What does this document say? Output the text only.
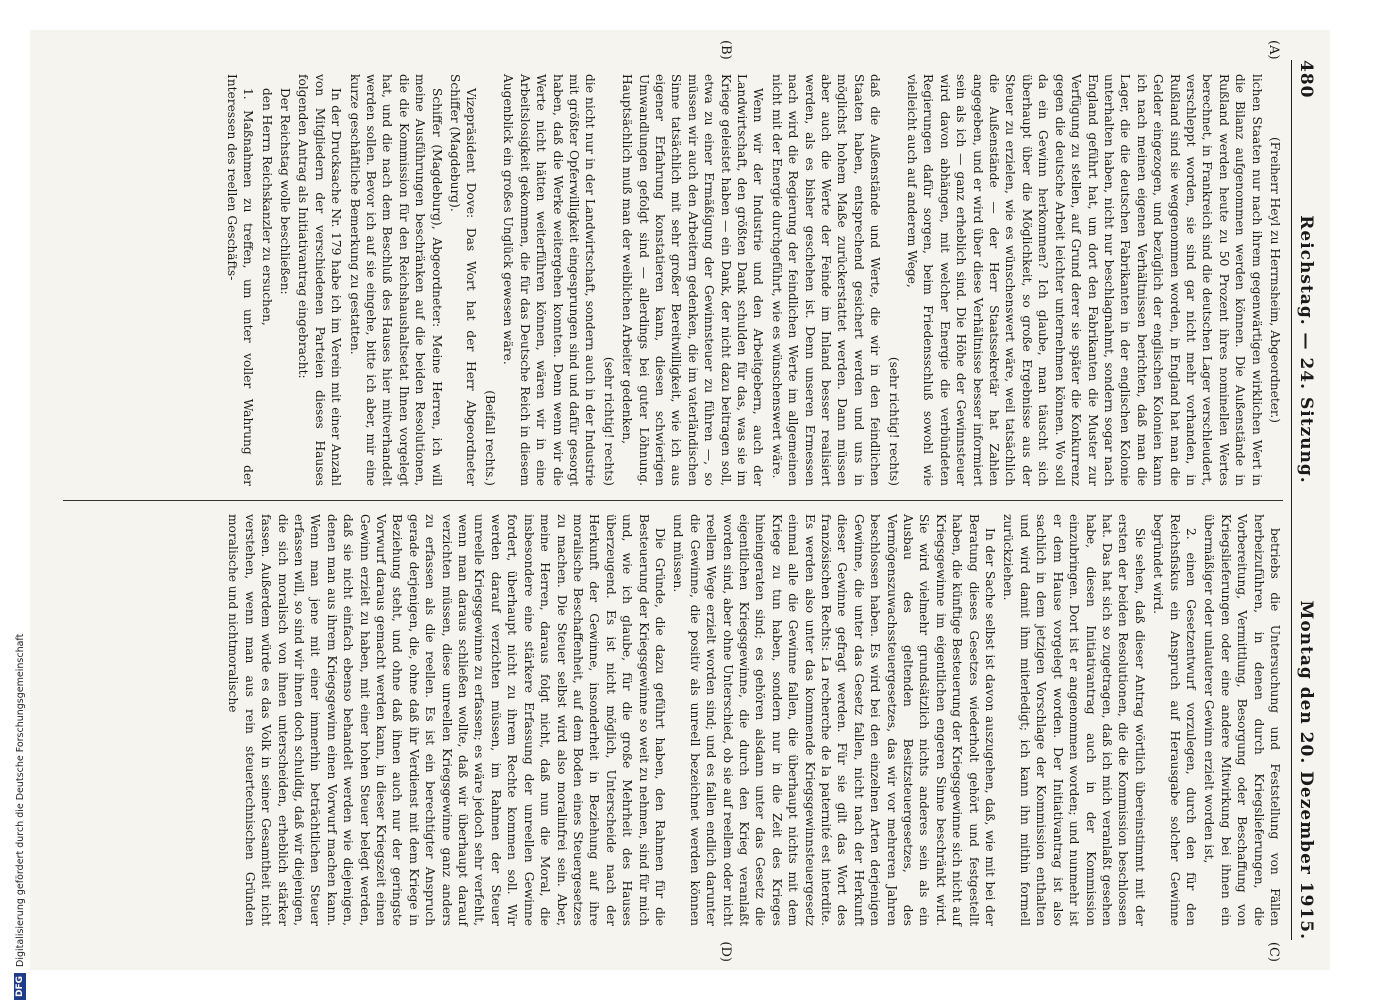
480
Reichstag. — 24. Sitzung.
Montag den 20. Dezember 1915.
(A)
(B)
(C)
(D)

(Freiherr Heyl zu Herrnsheim, Abgeordneter.)

lichen Staaten nur nach ihrem gegenwärtigen wirklichen Wert in die Bilanz aufgenommen werden können. Die Außenstände in Rußland werden heute zu 50 Prozent ihres nominellen Wertes berechnet, in Frankreich sind die deutschen Lager verschleudert, verschleppt worden, sie sind gar nicht mehr vorhanden, in Rußland sind sie weggenommen worden, in England hat man die Gelder eingezogen, und bezüglich der englischen Kolonien kann ich nach meinen eigenen Verhältnissen berichten, daß man die Lager, die die deutschen Fabrikanten in der englischen Kolonie unterhalten haben, nicht nur beschlagnahmt, sondern sogar nach England geführt hat, um dort den Fabrikanten die Muster zur Verfügung zu stellen, auf Grund derer sie später die Konkurrenz gegen die deutsche Arbeit leichter unternehmen können. Wo soll da ein Gewinn herkommen? Ich glaube, man täuscht sich überhaupt über die Möglichkeit, so große Ergebnisse aus der Steuer zu erzielen, wie es wünschenswert wäre, weil tatsächlich die Außenstände — der Herr Staatssekretär hat Zahlen angegeben, und er wird über diese Verhältnisse besser informiert sein als ich — ganz erheblich sind. Die Höhe der Gewinnsteuer wird davon abhängen, mit welcher Energie die verbündeten Regierungen dafür sorgen, beim Friedensschluß sowohl wie vielleicht auch auf anderem Wege,

(sehr richtig! rechts)

daß die Außenstände und Werte, die wir in den feindlichen Staaten haben, entsprechend gesichert werden und uns in möglichst hohem Maße zurückerstattet werden. Dann müssen aber auch die Werte der Feinde im Inland besser realisiert werden, als es bisher geschehen ist. Denn unseren Ermessen nach wird die Regierung der feindlichen Werte im allgemeinen nicht mit der Energie durchgeführt, wie es wünschenswert wäre.

Wenn wir der Industrie und den Arbeitgebern, auch der Landwirtschaft, den größten Dank schulden für das, was sie im Kriege geleistet haben — ein Dank, der nicht dazu beitragen soll, etwa zu einer Ermäßigung der Gewinnsteuer zu führen —, so müssen wir auch den Arbeitern gedenken, die im vaterländischen Sinne tatsächlich mit sehr großer Bereitwilligkeit, wie ich aus eigener Erfahrung konstatieren kann, diesen schwierigen Umwandlungen gefolgt sind — allerdings bei guter Löhnung. Hauptsächlich muß man der weiblichen Arbeiter gedenken,

(sehr richtig! rechts)

die nicht nur in der Landwirtschaft, sondern auch in der Industrie mit größter Opferwilligkeit eingesprungen sind und dafür gesorgt haben, daß die Werke weitergehen konnten. Denn wenn wir die Werte nicht hätten weiterführen können, wären wir in eine Arbeitslosigkeit gekommen, die für das Deutsche Reich in diesem Augenblick ein großes Unglück gewesen wäre.

(Beifall rechts.)

Vizepräsident Dove: Das Wort hat der Herr Abgeordneter Schiffer (Magdeburg).

Schiffer (Magdeburg), Abgeordneter: Meine Herren, ich will meine Ausführungen beschränken auf die beiden Resolutionen, die die Kommission für den Reichshaushaltsetat Ihnen vorgelegt hat, und die nach dem Beschluß des Hauses hier mitverhandelt werden sollen. Bevor ich auf sie eingehe, bitte ich aber, mir eine kurze geschäftliche Bemerkung zu gestatten.

In der Drucksache Nr. 179 habe ich im Verein mit einer Anzahl von Mitgliedern der verschiedenen Parteien dieses Hauses folgenden Antrag als Initiativantrag eingebracht:

Der Reichstag wolle beschließen:

den Herrn Reichskanzler zu ersuchen,

1. Maßnahmen zu treffen, um unter voller Wahrung der Interessen des reellen Geschäfts-

betriebs die Untersuchung und Feststellung von Fällen herbeizuführen, in denen durch Kriegslieferungen, die Vorbereitung, Vermittlung, Besorgung oder Beschaffung von Kriegslieferungen oder eine andere Mitwirkung bei ihnen ein übermäßiger oder unlauterer Gewinn erzielt worden ist,

2. einen Gesetzentwurf vorzulegen, durch den für den Reichsfiskus ein Anspruch auf Herausgabe solcher Gewinne begründet wird.

Sie sehen, daß dieser Antrag wörtlich übereinstimmt mit der ersten der beiden Resolutionen, die die Kommission beschlossen hat. Das hat sich so zugetragen, daß ich mich veranlaßt gesehen habe, diesen Initiativantrag auch in der Kommission einzubringen. Dort ist er angenommen worden; und nunmehr ist er dem Hause vorgelegt worden. Der Initiativantrag ist also sachlich in dem jetzigen Vorschlage der Kommission enthalten und wird damit ihm miterledigt; ich kann ihn mithin formell zurückziehen.

In der Sache selbst ist davon auszugehen, daß, wie mit bei der Beratung dieses Gesetzes wiederholt gehört und festgestellt haben, die künftige Besteuerung der Kriegsgewinne sich nicht auf Kriegsgewinne im eigentlichen engeren Sinne beschränkt wird. Sie wird vielmehr grundsätzlich nichts anderes sein als ein Ausbau des geltenden Besitzsteuergesetzes, des Vermögenszuwachssteuergesetzes, das wir vor mehreren Jahren beschlossen haben. Es wird bei den einzelnen Arten derjenigen Gewinne, die unter das Gesetz fallen, nicht nach der Herkunft dieser Gewinne gefragt werden. Für sie gilt das Wort des französischen Rechts: La recherche de la paternité est interdite. Es werden also unter das kommende Kriegsgewinnsteuergesetz einmal alle die Gewinne fallen, die überhaupt nichts mit dem Kriege zu tun haben, sondern nur in die Zeit des Krieges hineingeraten sind; es gehören alsdann unter das Gesetz die eigentlichen Kriegsgewinne, die durch den Krieg veranlaßt worden sind, aber ohne Unterschied, ob sie auf reellem oder nicht reellem Wege erzielt worden sind; und es fallen endlich darunter die Gewinne, die positiv als unreell bezeichnet werden können und müssen.

Die Gründe, die dazu geführt haben, den Rahmen für die Besteuerung der Kriegsgewinne so weit zu nehmen, sind für mich und, wie ich glaube, für die große Mehrheit des Hauses überzeugend. Es ist nicht möglich, Unterscheide nach der Herkunft der Gewinne, insonderheit in Beziehung auf ihre moralische Beschaffenheit, auf dem Boden eines Steuergesetzes zu machen. Die Steuer selbst wird also moralinfrei sein. Aber, meine Herren, daraus folgt nicht, daß nun die Moral, die insbesondere eine stärkere Erfassung der unreellen Gewinne fordert, überhaupt nicht zu ihrem Rechte kommen soll. Wir werden darauf verzichten müssen, im Rahmen der Steuer unreelle Kriegsgewinne zu erfassen; es wäre jedoch sehr verfehlt, wenn man daraus schließen wollte, daß wir überhaupt darauf verzichten müssen, diese unreellen Kriegsgewinne ganz anders zu erfassen als die reellen. Es ist ein berechtigter Anspruch gerade derjenigen, die, ohne daß ihr Verdienst mit dem Kriege in Beziehung steht, und ohne daß ihnen auch nur der geringste Vorwurf daraus gemacht werden kann, in dieser Kriegszeit einen Gewinn erzielt zu haben, mit einer hohen Steuer belegt werden, daß sie nicht einfach ebenso behandelt werden wie diejenigen, denen man aus ihrem Kriegsgewinn einen Vorwurf machen kann. Wenn man jene mit einer immerhin beträchtlichen Steuer erfassen will, so sind wir ihnen doch schuldig, daß wir diejenigen, die sich moralisch von ihnen unterscheiden, erheblich stärker fassen. Außerdem würde es das Volk in seiner Gesamtheit nicht verstehen, wenn man aus rein steuertechnischen Gründen moralische und nichtmoralische

DFG
Digitalisierung gefördert durch die Deutsche Forschungsgemeinschaft
